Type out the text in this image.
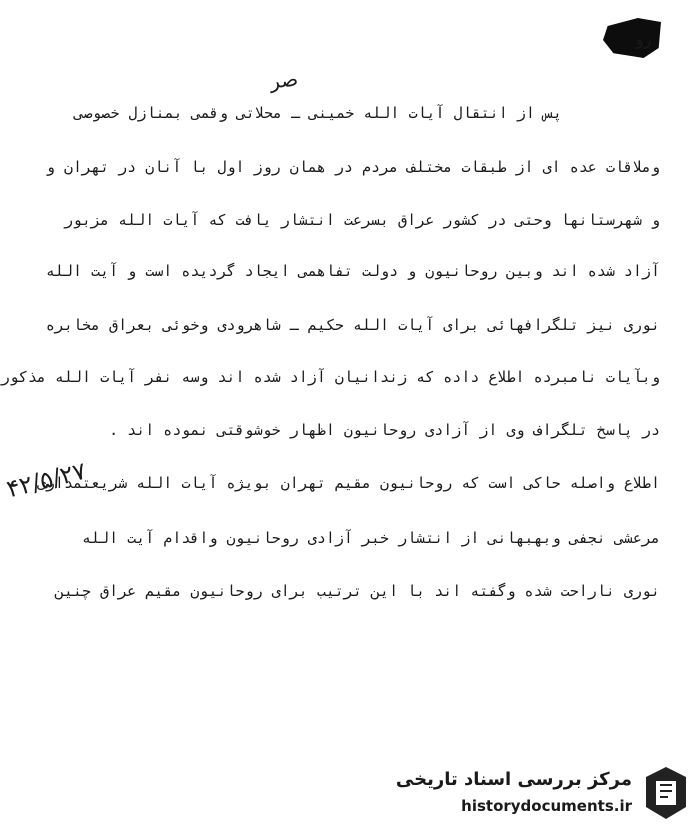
رو
صر
پس از انتقال آیات الله خمینی ـ محلاتی وقمی بمنازل خصوصی
وملاقات عده ای از طبقات مختلف مردم در همان روز اول با آنان در تهران و
و شهرستانها وحتی در کشور عراق بسرعت انتشار یافت که آیات الله مزبور
آزاد شده اند وبین روحانیون و دولت تفاهمی ایجاد گردیده است و آیت الله
نوری نیز تلگرافهائی برای آیات الله حکیم ـ شاهرودی وخوئی بعراق مخابره
وبآیات نامبرده اطلاع داده که زندانیان آزاد شده اند وسه نفر آیات الله مذکور
در پاسخ تلگراف وی از آزادی روحانیون اظهار خوشوقتی نموده اند .
اطلاع واصله حاکی است که روحانیون مقیم تهران بویژه آیات الله شریعتمداری
مرعشی نجفی وبهبهانی از انتشار خبر آزادی روحانیون واقدام آیت الله
نوری ناراحت شده وگفته اند با این ترتیب برای روحانیون مقیم عراق چنین
۴۲/۵/۲۷
مرکز بررسی اسناد تاریخی
historydocuments.ir
